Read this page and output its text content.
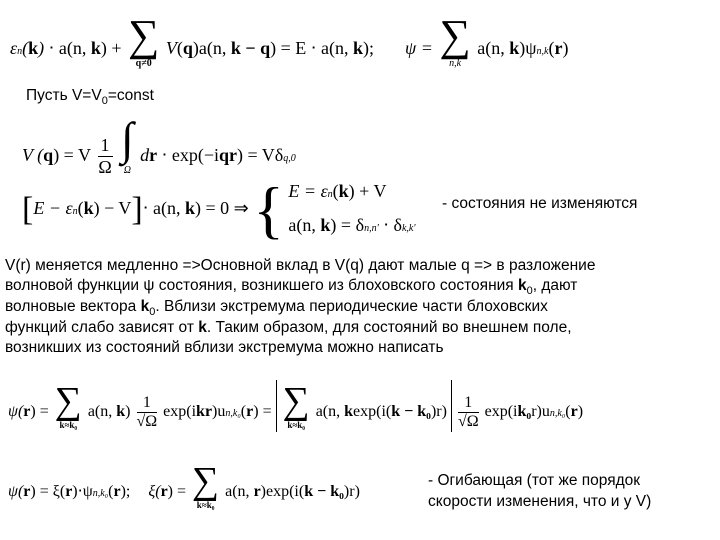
εn(k) ⋅ a(n, k) + ∑
q≠0
V(q)a(n, k − q) = E ⋅ a(n, k); ψ = ∑
n,k
a(n, k)ψn,k(r)
Пусть $V=V_0=const$
V (q) = V $\frac{1}{\Omega}$ ∫
Ω
dr ⋅ exp(−iqr) = Vδq,0
[E − εn(k) − V]⋅ a(n, k) = 0 ⇒ { E = εn(k) + V
a(n, k) = δn,n′ ⋅ δk,k′
- состояния не изменяются
V(r) меняется медленно =>Основной вклад в V(q) дают малые q => в разложение
волновой функции ψ состояния, возникшего из блоховского состояния $k_0$, дают
волновые вектора $k_0$. Вблизи экстремума периодические части блоховских
функций слабо зависят от k. Таким образом, для состояний во внешнем поле,
возникших из состояний вблизи экстремума можно написать
ψ(r) = ∑
k≈k₀
a(n, $k) \frac{1}{√\Omega} \exp(ikr)un,k_0(r)$ = ∑
k≈k₀
a(n, $kexp(i(k - k_0)r) \frac{1}{√\Omega} \exp(ik_0r)un,k_0(r)$
ψ(r) = ξ(r)⋅ψn,k₀(r); ξ(r) = ∑
k≈k₀
a(n, r)exp(i(k − k₀)r)
- Огибающая (тот же порядок скорости изменения, что и у V)
